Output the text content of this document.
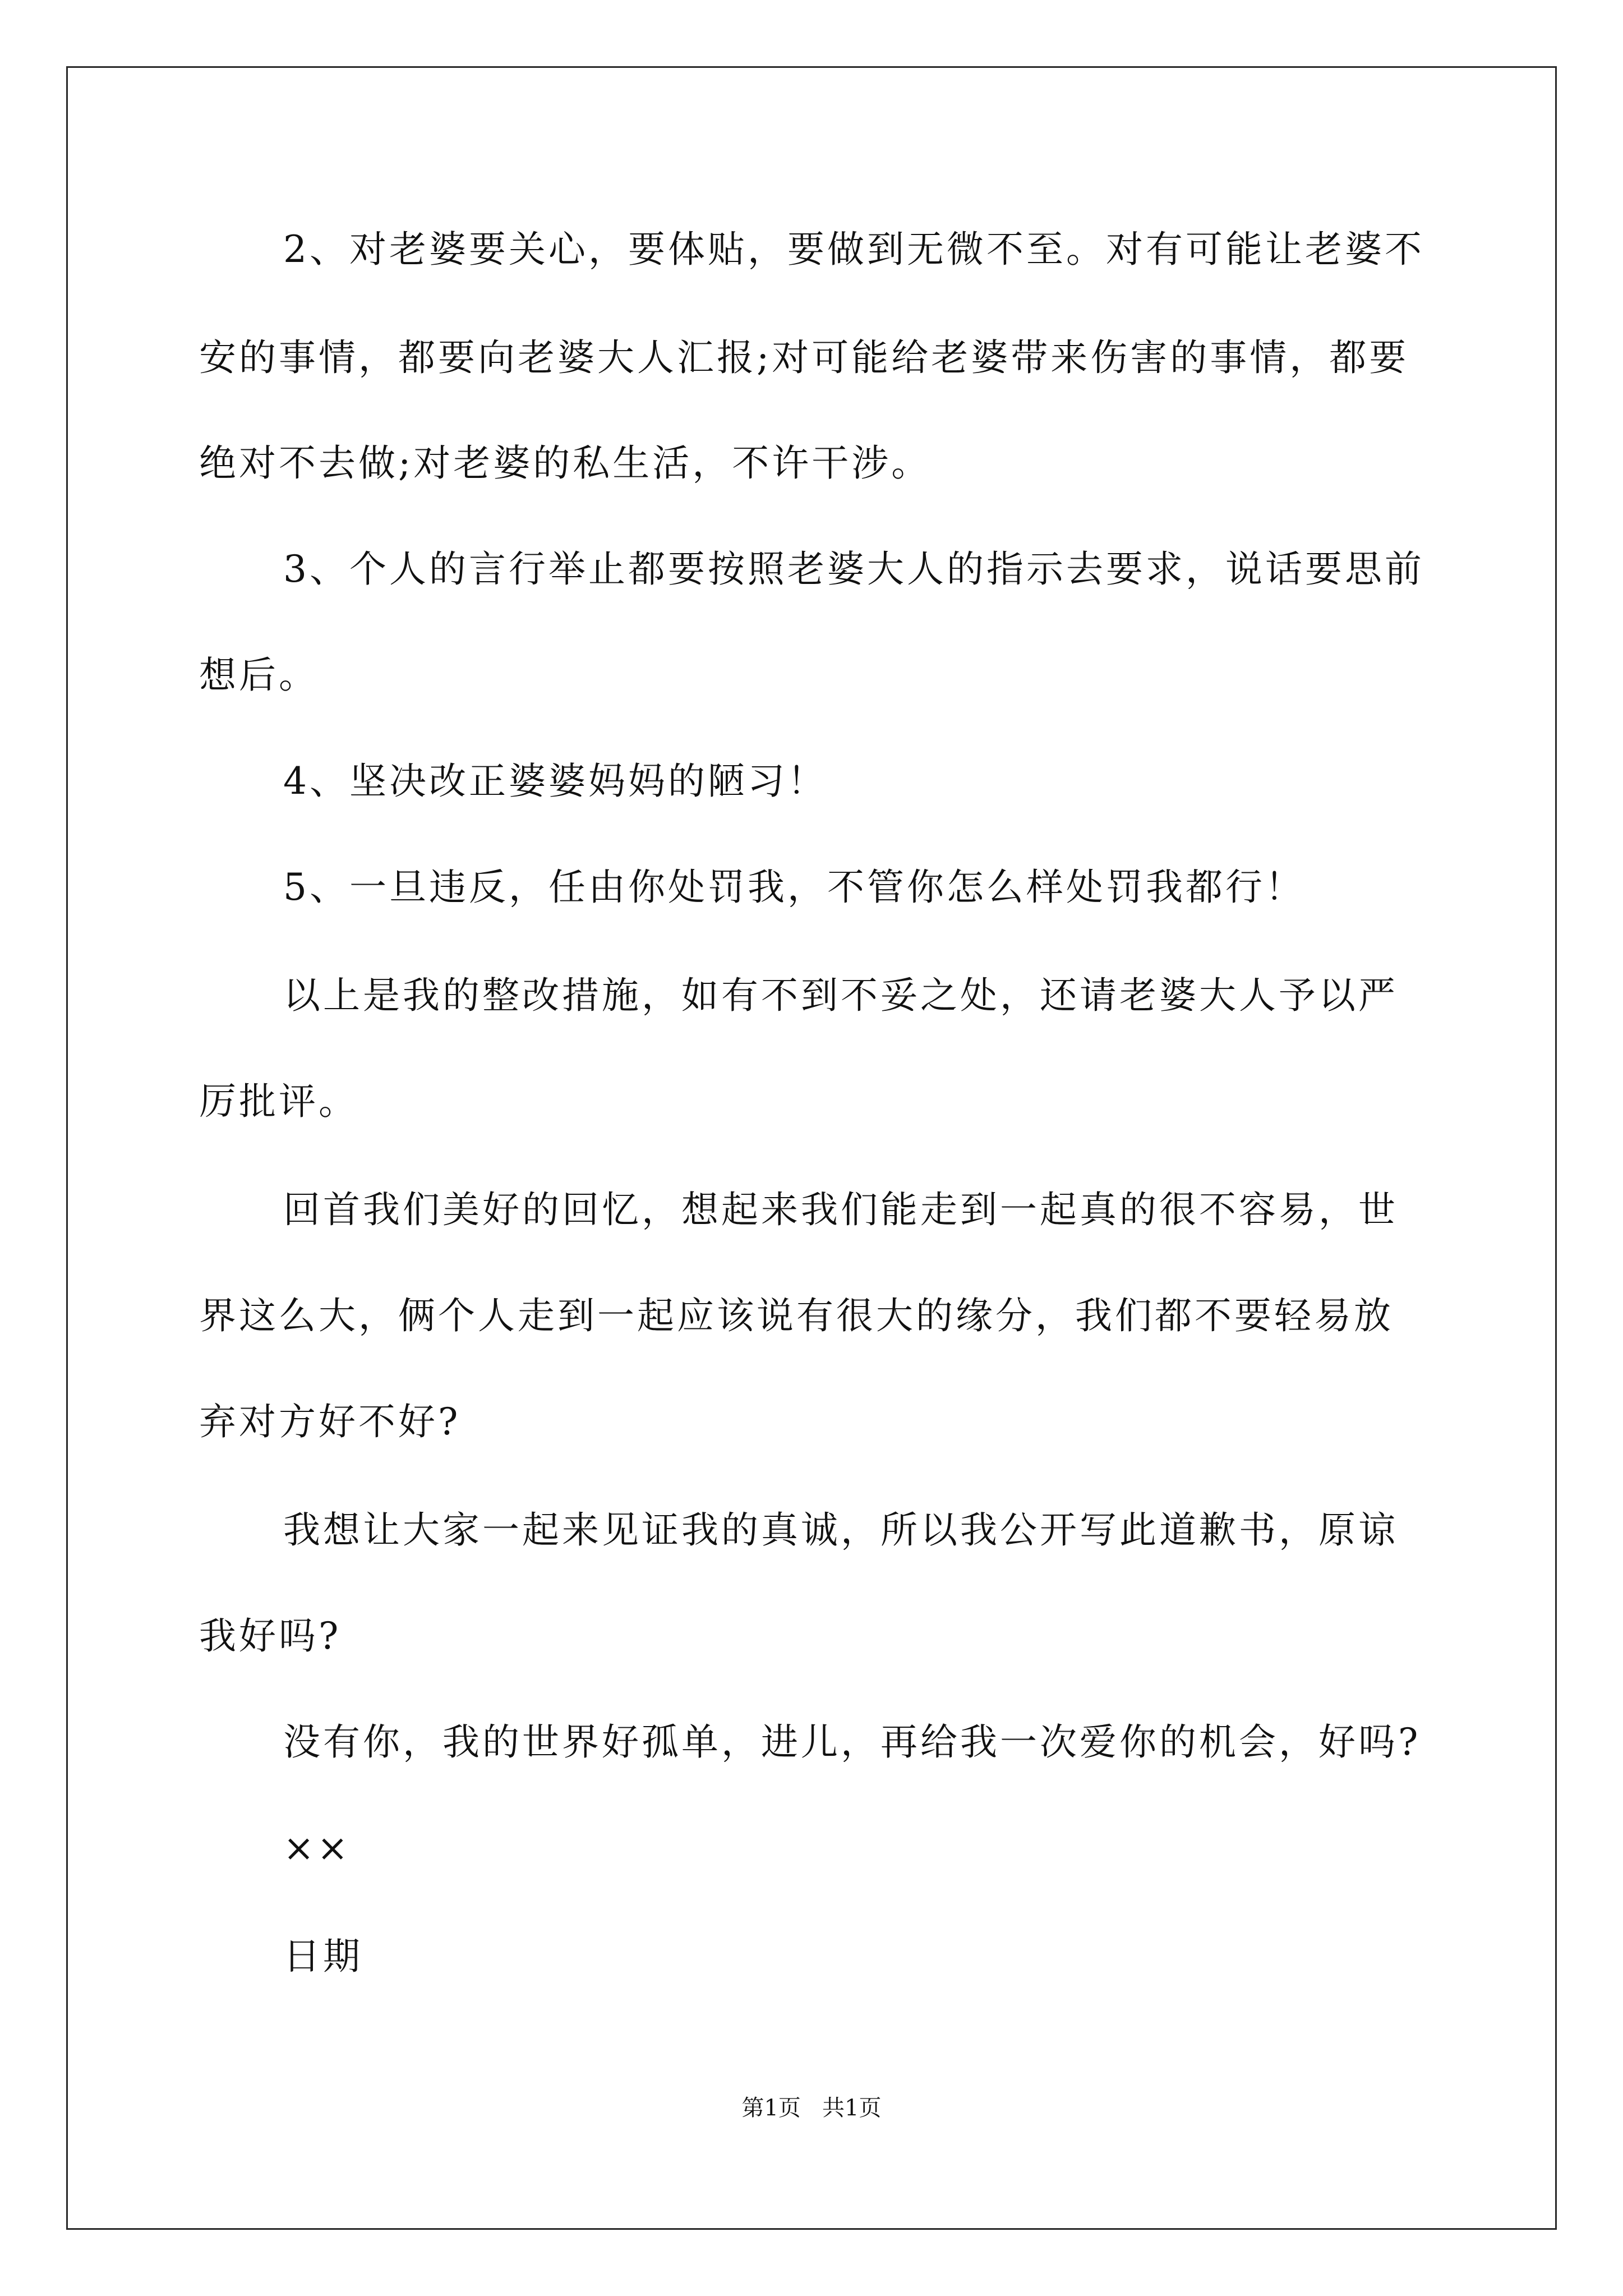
2、对老婆要关心，要体贴，要做到无微不至。对有可能让老婆不
安的事情，都要向老婆大人汇报;对可能给老婆带来伤害的事情，都要
绝对不去做;对老婆的私生活，不许干涉。
3、个人的言行举止都要按照老婆大人的指示去要求，说话要思前
想后。
4、坚决改正婆婆妈妈的陋习！
5、一旦违反，任由你处罚我，不管你怎么样处罚我都行！
以上是我的整改措施，如有不到不妥之处，还请老婆大人予以严
厉批评。
回首我们美好的回忆，想起来我们能走到一起真的很不容易，世
界这么大，俩个人走到一起应该说有很大的缘分，我们都不要轻易放
弃对方好不好?
我想让大家一起来见证我的真诚，所以我公开写此道歉书，原谅
我好吗?
没有你，我的世界好孤单，进儿，再给我一次爱你的机会，好吗?
××
日期
第1页   共1页
